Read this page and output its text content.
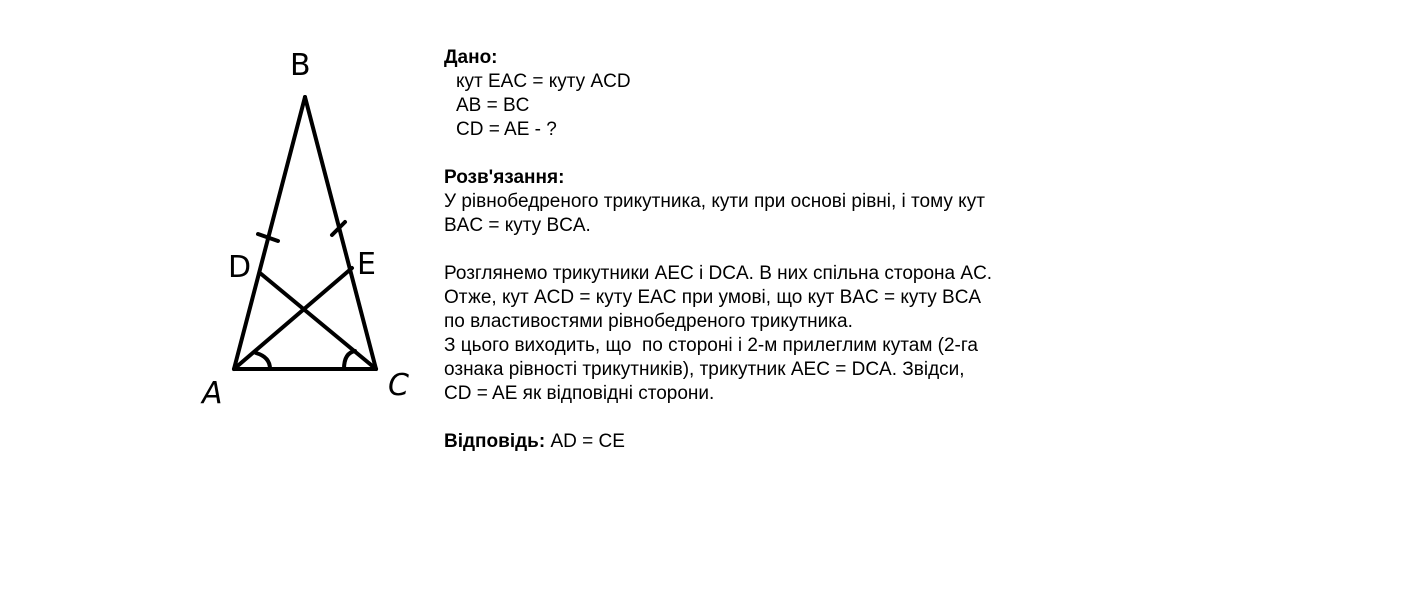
B
D	E
A	C
Дано:
кут EAC = куту ACD
AB = BC
CD = AE - ?
Розв'язання:
У рівнобедреного трикутника, кути при основі рівні, і тому кут
BAC = куту BCA.
Розглянемо трикутники AEC і DCA. В них спільна сторона AC.
Отже, кут ACD = куту EAC при умові, що кут BAC = куту BCA
по властивостями рівнобедреного трикутника.
З цього виходить, що  по стороні і 2-м прилеглим кутам (2-га
ознака рівності трикутників), трикутник AEC = DCA. Звідси,
CD = AE як відповідні сторони.
Відповідь: AD = CE
